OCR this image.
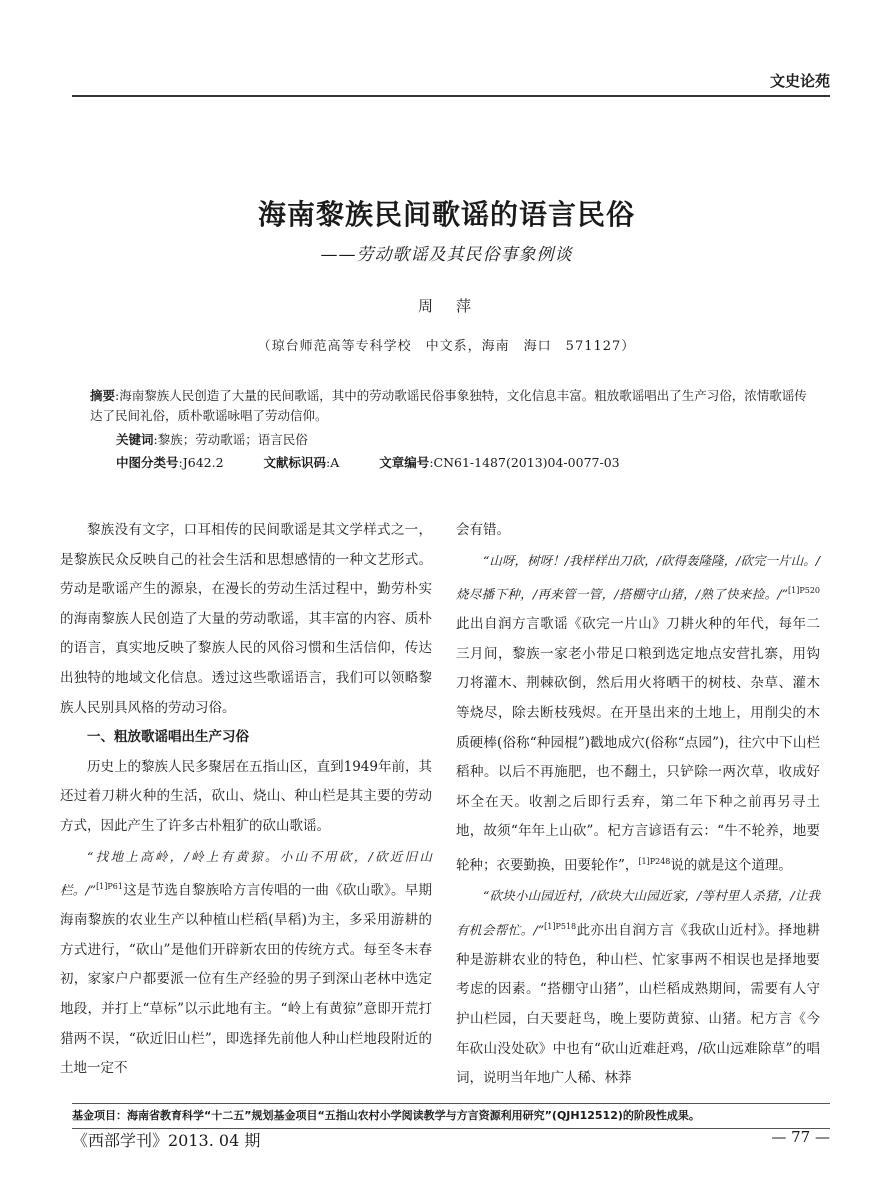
文史论苑
海南黎族民间歌谣的语言民俗
——劳动歌谣及其民俗事象例谈
周　萍
（琼台师范高等专科学校　中文系，海南　海口　571127）
摘要:海南黎族人民创造了大量的民间歌谣，其中的劳动歌谣民俗事象独特，文化信息丰富。粗放歌谣唱出了生产习俗，浓情歌谣传达了民间礼俗，质朴歌谣咏唱了劳动信仰。
关键词:黎族；劳动歌谣；语言民俗
中图分类号:J642.2	文献标识码:A	文章编号:CN61-1487(2013)04-0077-03

黎族没有文字，口耳相传的民间歌谣是其文学样式之一，是黎族民众反映自己的社会生活和思想感情的一种文艺形式。劳动是歌谣产生的源泉，在漫长的劳动生活过程中，勤劳朴实的海南黎族人民创造了大量的劳动歌谣，其丰富的内容、质朴的语言，真实地反映了黎族人民的风俗习惯和生活信仰，传达出独特的地域文化信息。透过这些歌谣语言，我们可以领略黎族人民别具风格的劳动习俗。

一、粗放歌谣唱出生产习俗

历史上的黎族人民多聚居在五指山区，直到1949年前，其还过着刀耕火种的生活，砍山、烧山、种山栏是其主要的劳动方式，因此产生了许多古朴粗犷的砍山歌谣。

“找地上高岭，/岭上有黄猄。小山不用砍，/砍近旧山栏。/”$^{[1]P61}$这是节选自黎族哈方言传唱的一曲《砍山歌》。早期海南黎族的农业生产以种植山栏稻(旱稻)为主，多采用游耕的方式进行，“砍山”是他们开辟新农田的传统方式。每至冬末春初，家家户户都要派一位有生产经验的男子到深山老林中选定地段，并打上“草标”以示此地有主。“岭上有黄猄”意即开荒打猎两不误，“砍近旧山栏”，即选择先前他人种山栏地段附近的土地一定不

会有错。

“山呀，树呀！/我样样出刀砍，/砍得轰隆隆，/砍完一片山。/烧尽播下种，/再来管一管，/搭棚守山猪，/熟了快来捡。/”$^{[1]P520}$此出自润方言歌谣《砍完一片山》刀耕火种的年代，每年二三月间，黎族一家老小带足口粮到选定地点安营扎寨，用钩刀将灌木、荆棘砍倒，然后用火将晒干的树枝、杂草、灌木等烧尽，除去断枝残烬。在开垦出来的土地上，用削尖的木质硬棒(俗称“种园棍”)戳地成穴(俗称“点园”)，往穴中下山栏稻种。以后不再施肥，也不翻土，只铲除一两次草，收成好坏全在天。收割之后即行丢弃，第二年下种之前再另寻土地，故须“年年上山砍”。杞方言谚语有云：“牛不轮养，地要轮种；衣要勤换，田要轮作”，$^{[1]P248}$说的就是这个道理。

“砍块小山园近村，/砍块大山园近家，/等村里人杀猪，/让我有机会帮忙。/”$^{[1]P518}$此亦出自润方言《我砍山近村》。择地耕种是游耕农业的特色，种山栏、忙家事两不相误也是择地要考虑的因素。“搭棚守山猪”，山栏稻成熟期间，需要有人守护山栏园，白天要赶鸟，晚上要防黄猄、山猪。杞方言《今年砍山没处砍》中也有“砍山近难赶鸡，/砍山远难除草”的唱词，说明当年地广人稀、林莽

基金项目：海南省教育科学“十二五”规划基金项目“五指山农村小学阅读教学与方言资源利用研究”(QJH12512)的阶段性成果。
《西部学刊》2013. 04 期	— 77 —
